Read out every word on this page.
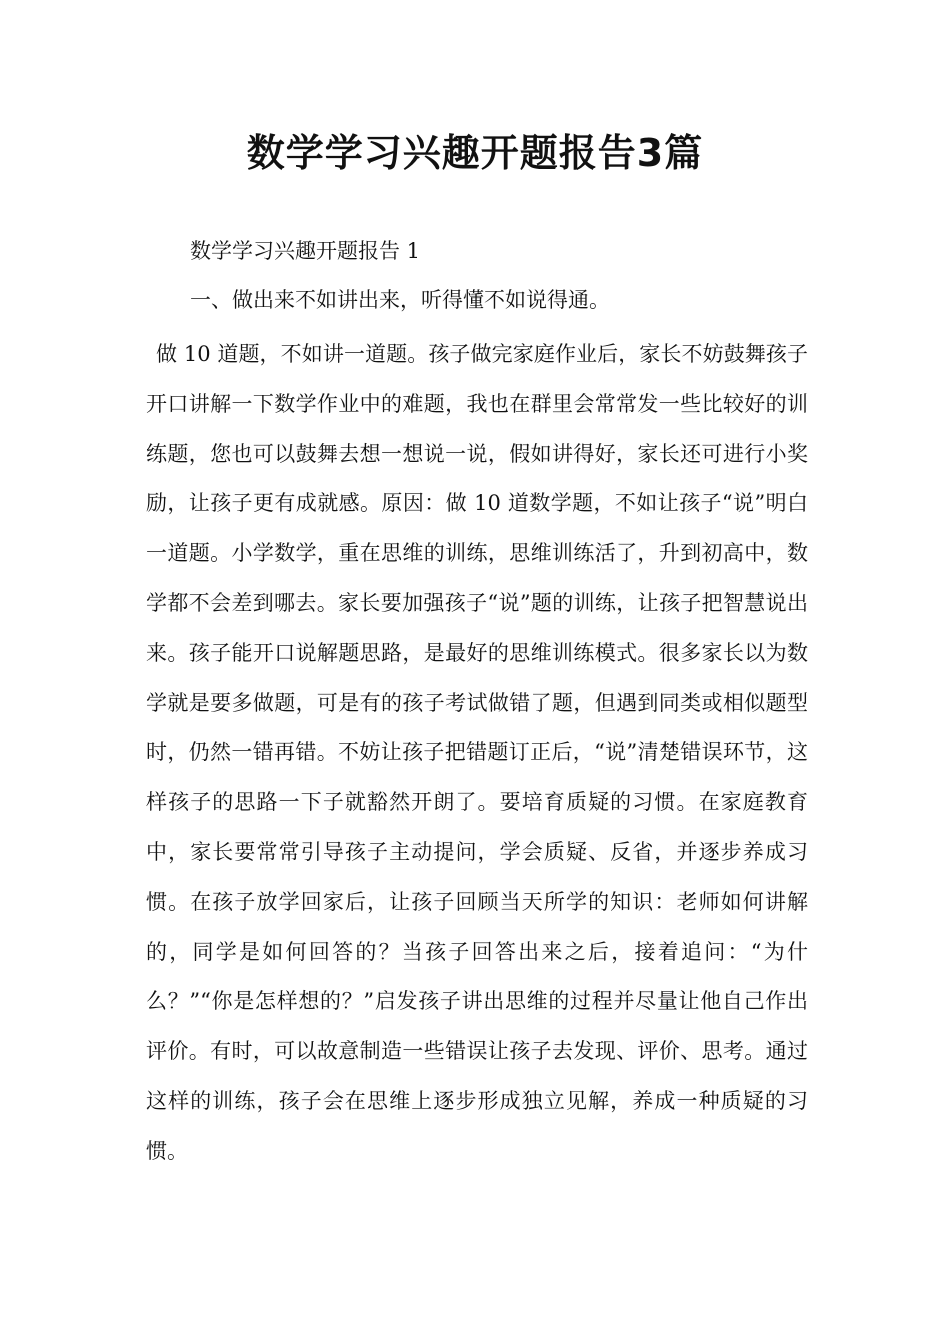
数学学习兴趣开题报告3篇

数学学习兴趣开题报告 1

一、做出来不如讲出来，听得懂不如说得通。

做 10 道题，不如讲一道题。孩子做完家庭作业后，家长不妨鼓舞孩子开口讲解一下数学作业中的难题，我也在群里会常常发一些比较好的训练题，您也可以鼓舞去想一想说一说，假如讲得好，家长还可进行小奖励，让孩子更有成就感。原因：做 10 道数学题，不如让孩子“说”明白一道题。小学数学，重在思维的训练，思维训练活了，升到初高中，数学都不会差到哪去。家长要加强孩子“说”题的训练，让孩子把智慧说出来。孩子能开口说解题思路，是最好的思维训练模式。很多家长以为数学就是要多做题，可是有的孩子考试做错了题，但遇到同类或相似题型时，仍然一错再错。不妨让孩子把错题订正后，“说”清楚错误环节，这样孩子的思路一下子就豁然开朗了。要培育质疑的习惯。在家庭教育中，家长要常常引导孩子主动提问，学会质疑、反省，并逐步养成习惯。在孩子放学回家后，让孩子回顾当天所学的知识：老师如何讲解的，同学是如何回答的？当孩子回答出来之后，接着追问：“为什么？”“你是怎样想的？”启发孩子讲出思维的过程并尽量让他自己作出评价。有时，可以故意制造一些错误让孩子去发现、评价、思考。通过这样的训练，孩子会在思维上逐步形成独立见解，养成一种质疑的习惯。
